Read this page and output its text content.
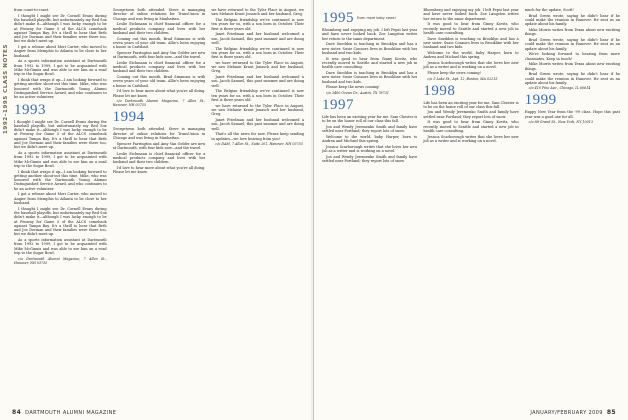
1992–1995 CLASS NOTES

from coast-to-coast.

I thought I might see Dr. Cornell Evans during the baseball playoffs, but unfortunately my Red Sox didn't make it—although I was lucky enough to be at Fenway for Game 5 of the ALCS comeback against Tampa Bay. It's a thrill to hear that Beth and Joe Dorman and their families were there too, but we didn't meet up.

I got a release about Meri Carter, who moved to Angier from Memphis to Atlanta to be close to her husband.

As a sports information assistant at Dartmouth from 1992 to 1999, I got to be acquainted with Mike McGinnis and was able to see him on a road trip to the Sugar Bowl.

I think that wraps it up—I am looking forward to getting another shout-out this time. Mike, who was honored with the Dartmouth Young Alumni Distinguished Service Award, and who continues to be an active volunteer.

1993

I thought I might see Dr. Cornell Evans during the baseball playoffs, but unfortunately my Red Sox didn't make it—although I was lucky enough to be at Fenway for Game 5 of the ALCS comeback against Tampa Bay. It's a thrill to hear that Beth and Joe Dorman and their families were there too, but we didn't meet up.

As a sports information assistant at Dartmouth from 1992 to 1999, I got to be acquainted with Mike McGinnis and was able to see him on a road trip to the Sugar Bowl.

I think that wraps it up—I am looking forward to getting another shout-out this time. Mike, who was honored with the Dartmouth Young Alumni Distinguished Service Award, and who continues to be an active volunteer.

I got a release about Meri Carter, who moved to Angier from Memphis to Atlanta to be close to her husband.

I thought I might see Dr. Cornell Evans during the baseball playoffs, but unfortunately my Red Sox didn't make it—although I was lucky enough to be at Fenway for Game 5 of the ALCS comeback against Tampa Bay. It's a thrill to hear that Beth and Joe Dorman and their families were there too, but we didn't meet up.

As a sports information assistant at Dartmouth from 1992 to 1999, I got to be acquainted with Mike McGinnis and was able to see him on a road trip to the Sugar Bowl.

c/o Dartmouth Alumni Magazine, 7 Allen St., Hanover, NH 03755

Georgetown both attended. Steve is managing director of online relations for TransUnion in Chicago and was living in Manhattan.

Leslie Eichmann is chief financial officer for a medical products company and lives with her husband and their two children.

Coming out this month, Brad Simmons is with seven years of your old team. Allie's been enjoying a house in Carlsbad.

Spencer Farrington and Amy Van Gelder are new at Dartmouth, with four kids now—and the travel.

Leslie Eichmann is chief financial officer for a medical products company and lives with her husband and their two children.

Coming out this month, Brad Simmons is with seven years of your old team. Allie's been enjoying a house in Carlsbad.

I'd love to hear more about what you're all doing. Please let me know.

c/o Dartmouth Alumni Magazine, 7 Allen St., Hanover, NH 03755

1994

Georgetown both attended. Steve is managing director of online relations for TransUnion in Chicago and was living in Manhattan.

Spencer Farrington and Amy Van Gelder are new at Dartmouth, with four kids now—and the travel.

Leslie Eichmann is chief financial officer for a medical products company and lives with her husband and their two children.

I'd love to hear more about what you're all doing. Please let me know.

we have returned to the Tyler Place in August, we saw Melanie Kraut Jonasch and her husband, Greg.

The Belgian friendship we've continued is now ten years for us, with a son born in October. Their first is three years old.

Janet Friedman and her husband welcomed a son, Jacob Samuel, this past summer and are doing well.

The Belgian friendship we've continued is now ten years for us, with a son born in October. Their first is three years old.

we have returned to the Tyler Place in August, we saw Melanie Kraut Jonasch and her husband, Greg.

Janet Friedman and her husband welcomed a son, Jacob Samuel, this past summer and are doing well.

The Belgian friendship we've continued is now ten years for us, with a son born in October. Their first is three years old.

we have returned to the Tyler Place in August, we saw Melanie Kraut Jonasch and her husband, Greg.

Janet Friedman and her husband welcomed a son, Jacob Samuel, this past summer and are doing well.

That's all the news for now. Please keep sending in updates—we love hearing from you!

c/o DAM, 7 Allen St., Suite 201, Hanover, NH 03755

84 DARTMOUTH ALUMNI MAGAZINE
1995 Even more baby news!

Bloomberg and enjoying my job. I left Pepsi last year and have never looked back. Zoe Langston writes her return to the same department.

Dave Sneddon is teaching in Brooklyn and has a new sister. Susie Connors lives in Brookline with her husband and two kids.

It was good to hear from Ginny Kovitz, who recently moved to Seattle and started a new job in health care consulting.

Dave Sneddon is teaching in Brooklyn and has a new sister. Susie Connors lives in Brookline with her husband and two kids.

Please keep the news coming!

c/o 3400 Ocean Dr., Austin, TX 78731

1997

Life has been an exciting year for me. Sam Chester is to be on the honor roll of our class this fall.

Jon and Wendy Jeremenko Smith and family have settled near Portland; they report lots of snow.

Welcome to the world, baby Harper, born to Andrea and Michael this spring.

Jessica Scarborough writes that she loves her new job as a writer and is working on a novel.

Jon and Wendy Jeremenko Smith and family have settled near Portland; they report lots of snow.

Bloomberg and enjoying my job. I left Pepsi last year and have never looked back. Zoe Langston writes her return to the same department.

It was good to hear from Ginny Kovitz, who recently moved to Seattle and started a new job in health care consulting.

Dave Sneddon is teaching in Brooklyn and has a new sister. Susie Connors lives in Brookline with her husband and two kids.

Welcome to the world, baby Harper, born to Andrea and Michael this spring.

Jessica Scarborough writes that she loves her new job as a writer and is working on a novel.

Please keep the news coming!

c/o 5 Lake St., Apt. 12, Boston, MA 02215

1998

Life has been an exciting year for me. Sam Chester is to be on the honor roll of our class this fall.

Jon and Wendy Jeremenko Smith and family have settled near Portland; they report lots of snow.

It was good to hear from Ginny Kovitz, who recently moved to Seattle and started a new job in health care consulting.

Jessica Scarborough writes that she loves her new job as a writer and is working on a novel.

much for the update, Scott!

Brad Green wrote, saying he didn't hear if he could make the reunion in Hanover. He sent us an update about his family.

Mike Morris writes from Texas about new exciting things.

Brad Green wrote, saying he didn't hear if he could make the reunion in Hanover. He sent us an update about his family.

We're looking forward to hearing from more classmates. Keep in touch!

Mike Morris writes from Texas about new exciting things.

Brad Green wrote, saying he didn't hear if he could make the reunion in Hanover. He sent us an update about his family.

c/o 410 Pine Ave., Chicago, IL 60614

1999

Happy New Year from the '99 class. Hope this past year was a good one for all.

c/o 88 Grand St., New York, NY 10013

JANUARY/FEBRUARY 2009 85
